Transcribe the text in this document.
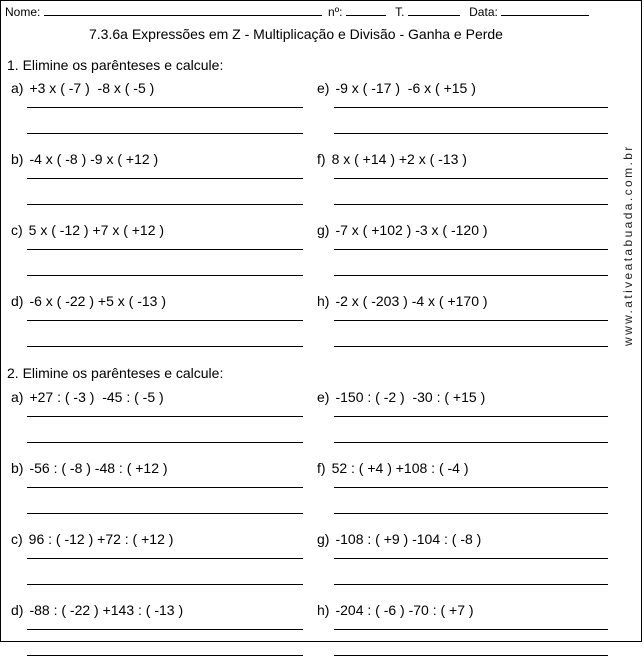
Nome:	nº:	T.	Data:
7.3.6a Expressões em Z - Multiplicação e Divisão - Ganha e Perde
1. Elimine os parênteses e calcule:
a) +3 x ( -7 )  -8 x ( -5 )
b) -4 x ( -8 ) -9 x ( +12 )
c) 5 x ( -12 ) +7 x ( +12 )
d) -6 x ( -22 ) +5 x ( -13 )
e) -9 x ( -17 )  -6 x ( +15 )
f) 8 x ( +14 ) +2 x ( -13 )
g) -7 x ( +102 ) -3 x ( -120 )
h) -2 x ( -203 ) -4 x ( +170 )
2. Elimine os parênteses e calcule:
a) +27 : ( -3 )  -45 : ( -5 )
b) -56 : ( -8 ) -48 : ( +12 )
c) 96 : ( -12 ) +72 : ( +12 )
d) -88 : ( -22 ) +143 : ( -13 )
e) -150 : ( -2 )  -30 : ( +15 )
f) 52 : ( +4 ) +108 : ( -4 )
g) -108 : ( +9 ) -104 : ( -8 )
h) -204 : ( -6 ) -70 : ( +7 )
www.ativeatabuada.com.br
